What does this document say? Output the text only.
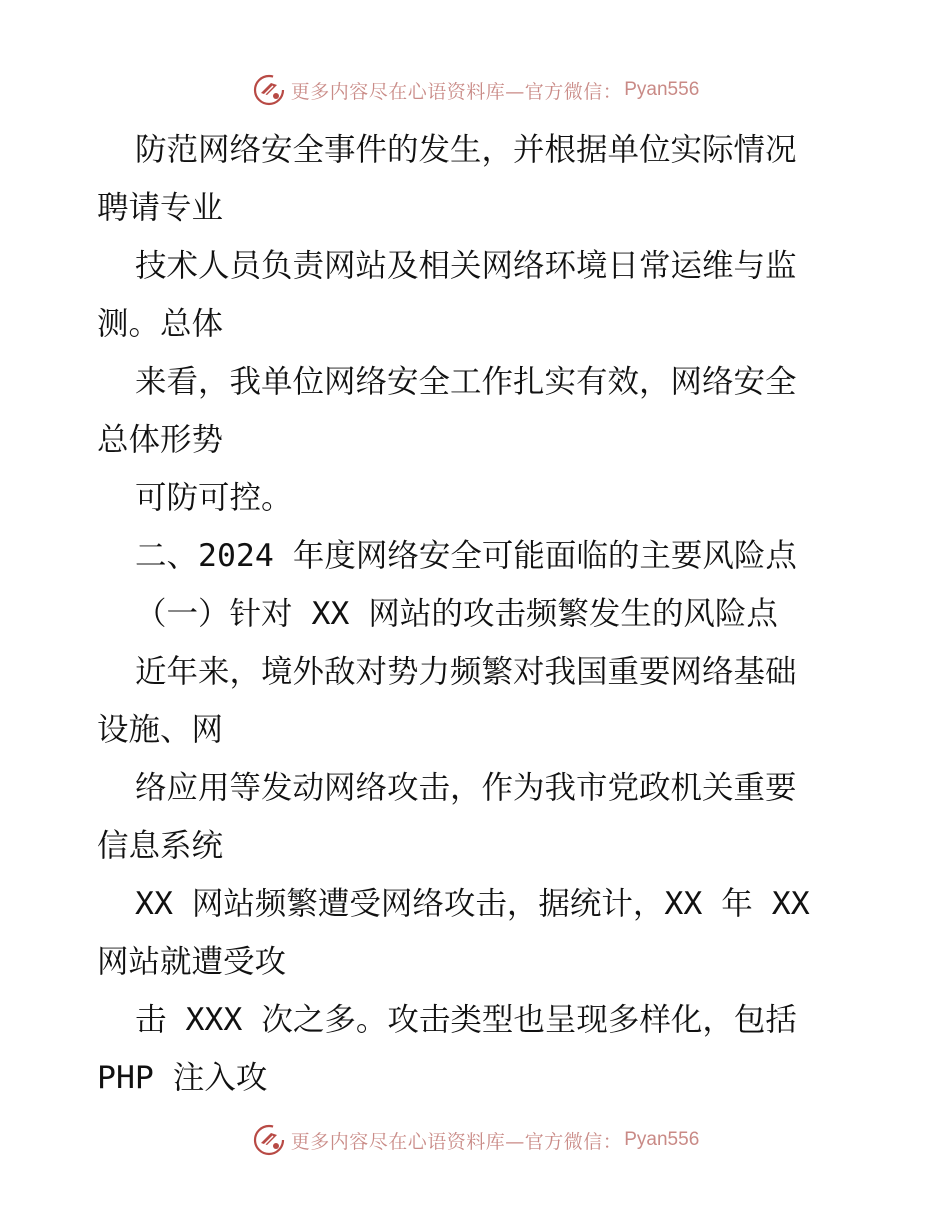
更多内容尽在心语资料库—官方微信： Pyan556
防范网络安全事件的发生，并根据单位实际情况
聘请专业
技术人员负责网站及相关网络环境日常运维与监
测。总体
来看，我单位网络安全工作扎实有效，网络安全
总体形势
可防可控。
二、2024 年度网络安全可能面临的主要风险点
（一）针对 XX 网站的攻击频繁发生的风险点
近年来，境外敌对势力频繁对我国重要网络基础
设施、网
络应用等发动网络攻击，作为我市党政机关重要
信息系统
XX 网站频繁遭受网络攻击，据统计，XX 年 XX
网站就遭受攻
击 XXX 次之多。攻击类型也呈现多样化，包括
PHP 注入攻
更多内容尽在心语资料库—官方微信： Pyan556
